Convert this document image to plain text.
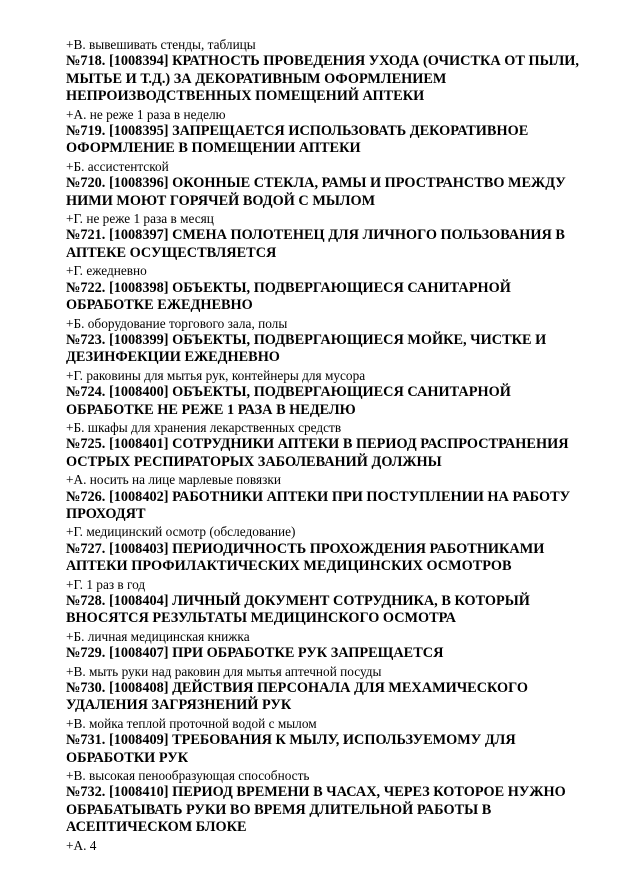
+В. вывешивать стенды, таблицы
№718. [1008394] КРАТНОСТЬ ПРОВЕДЕНИЯ УХОДА (ОЧИСТКА ОТ ПЫЛИ, МЫТЬЕ И Т.Д.) ЗА ДЕКОРАТИВНЫМ ОФОРМЛЕНИЕМ НЕПРОИЗВОДСТВЕННЫХ ПОМЕЩЕНИЙ АПТЕКИ
+А. не реже 1 раза в неделю
№719. [1008395] ЗАПРЕЩАЕТСЯ ИСПОЛЬЗОВАТЬ ДЕКОРАТИВНОЕ ОФОРМЛЕНИЕ В ПОМЕЩЕНИИ АПТЕКИ
+Б. ассистентской
№720. [1008396] ОКОННЫЕ СТЕКЛА, РАМЫ И ПРОСТРАНСТВО МЕЖДУ НИМИ МОЮТ ГОРЯЧЕЙ ВОДОЙ С МЫЛОМ
+Г. не реже 1 раза в месяц
№721. [1008397] СМЕНА ПОЛОТЕНЕЦ ДЛЯ ЛИЧНОГО ПОЛЬЗОВАНИЯ В АПТЕКЕ ОСУЩЕСТВЛЯЕТСЯ
+Г. ежедневно
№722. [1008398] ОБЪЕКТЫ, ПОДВЕРГАЮЩИЕСЯ САНИТАРНОЙ ОБРАБОТКЕ ЕЖЕДНЕВНО
+Б. оборудование торгового зала, полы
№723. [1008399] ОБЪЕКТЫ, ПОДВЕРГАЮЩИЕСЯ МОЙКЕ, ЧИСТКЕ И ДЕЗИНФЕКЦИИ ЕЖЕДНЕВНО
+Г. раковины для мытья рук, контейнеры для мусора
№724. [1008400] ОБЪЕКТЫ, ПОДВЕРГАЮЩИЕСЯ САНИТАРНОЙ ОБРАБОТКЕ НЕ РЕЖЕ 1 РАЗА В НЕДЕЛЮ
+Б. шкафы для хранения лекарственных средств
№725. [1008401] СОТРУДНИКИ АПТЕКИ В ПЕРИОД РАСПРОСТРАНЕНИЯ ОСТРЫХ РЕСПИРАТОРЫХ ЗАБОЛЕВАНИЙ ДОЛЖНЫ
+А. носить на лице марлевые повязки
№726. [1008402] РАБОТНИКИ АПТЕКИ ПРИ ПОСТУПЛЕНИИ НА РАБОТУ ПРОХОДЯТ
+Г. медицинский осмотр (обследование)
№727. [1008403] ПЕРИОДИЧНОСТЬ ПРОХОЖДЕНИЯ РАБОТНИКАМИ АПТЕКИ ПРОФИЛАКТИЧЕСКИХ МЕДИЦИНСКИХ ОСМОТРОВ
+Г. 1 раз в год
№728. [1008404] ЛИЧНЫЙ ДОКУМЕНТ СОТРУДНИКА, В КОТОРЫЙ ВНОСЯТСЯ РЕЗУЛЬТАТЫ МЕДИЦИНСКОГО ОСМОТРА
+Б. личная медицинская книжка
№729. [1008407] ПРИ ОБРАБОТКЕ РУК ЗАПРЕЩАЕТСЯ
+В. мыть руки над раковин для мытья аптечной посуды
№730. [1008408] ДЕЙСТВИЯ ПЕРСОНАЛА ДЛЯ МЕХАМИЧЕСКОГО УДАЛЕНИЯ ЗАГРЯЗНЕНИЙ РУК
+В. мойка теплой проточной водой с мылом
№731. [1008409] ТРЕБОВАНИЯ К МЫЛУ, ИСПОЛЬЗУЕМОМУ ДЛЯ ОБРАБОТКИ РУК
+В. высокая пенообразующая способность
№732. [1008410] ПЕРИОД ВРЕМЕНИ В ЧАСАХ, ЧЕРЕЗ КОТОРОЕ НУЖНО ОБРАБАТЫВАТЬ РУКИ ВО ВРЕМЯ ДЛИТЕЛЬНОЙ РАБОТЫ В АСЕПТИЧЕСКОМ БЛОКЕ
+А. 4
